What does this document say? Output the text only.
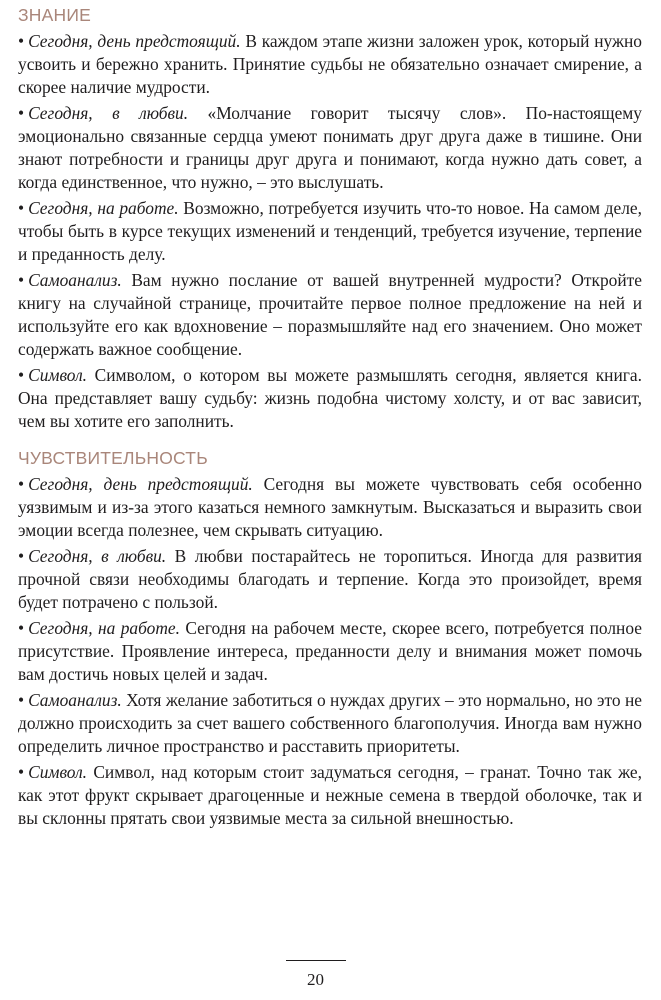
ЗНАНИЕ

• Сегодня, день предстоящий. В каждом этапе жизни заложен урок, который нужно усвоить и бережно хранить. Принятие судьбы не обязательно означает смирение, а скорее наличие мудрости.

• Сегодня, в любви. «Молчание говорит тысячу слов». По-настоящему эмоционально связанные сердца умеют понимать друг друга даже в тишине. Они знают потребности и границы друг друга и понимают, когда нужно дать совет, а когда единственное, что нужно, – это выслушать.

• Сегодня, на работе. Возможно, потребуется изучить что-то новое. На самом деле, чтобы быть в курсе текущих изменений и тенденций, требуется изучение, терпение и преданность делу.

• Самоанализ. Вам нужно послание от вашей внутренней мудрости? Откройте книгу на случайной странице, прочитайте первое полное предложение на ней и используйте его как вдохновение – поразмышляйте над его значением. Оно может содержать важное сообщение.

• Символ. Символом, о котором вы можете размышлять сегодня, является книга. Она представляет вашу судьбу: жизнь подобна чистому холсту, и от вас зависит, чем вы хотите его заполнить.

ЧУВСТВИТЕЛЬНОСТЬ

• Сегодня, день предстоящий. Сегодня вы можете чувствовать себя особенно уязвимым и из-за этого казаться немного замкнутым. Высказаться и выразить свои эмоции всегда полезнее, чем скрывать ситуацию.

• Сегодня, в любви. В любви постарайтесь не торопиться. Иногда для развития прочной связи необходимы благодать и терпение. Когда это произойдет, время будет потрачено с пользой.

• Сегодня, на работе. Сегодня на рабочем месте, скорее всего, потребуется полное присутствие. Проявление интереса, преданности делу и внимания может помочь вам достичь новых целей и задач.

• Самоанализ. Хотя желание заботиться о нуждах других – это нормально, но это не должно происходить за счет вашего собственного благополучия. Иногда вам нужно определить личное пространство и расставить приоритеты.

• Символ. Символ, над которым стоит задуматься сегодня, – гранат. Точно так же, как этот фрукт скрывает драгоценные и нежные семена в твердой оболочке, так и вы склонны прятать свои уязвимые места за сильной внешностью.

20
